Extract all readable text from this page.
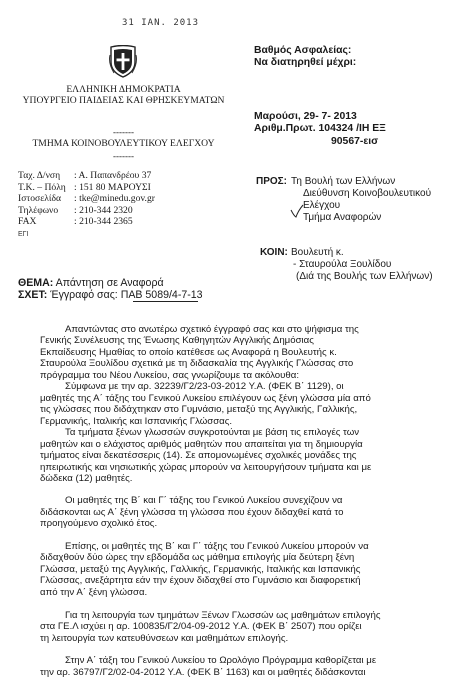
31 ΙΑΝ. 2013
ΕΛΛΗΝΙΚΗ ΔΗΜΟΚΡΑΤΙΑ
ΥΠΟΥΡΓΕΙΟ ΠΑΙΔΕΙΑΣ ΚΑΙ ΘΡΗΣΚΕΥΜΑΤΩΝ
-------
ΤΜΗΜΑ ΚΟΙΝΟΒΟΥΛΕΥΤΙΚΟΥ ΕΛΕΓΧΟΥ
-------
Ταχ. Δ/νση : Α. Παπανδρέου 37
Τ.Κ. – Πόλη : 151 80 ΜΑΡΟΥΣΙ
Ιστοσελίδα : tke@minedu.gov.gr
Τηλέφωνο : 210-344 2320
FAX	: 210-344 2365
ΕΓΙ
Βαθμός Ασφαλείας:
Να διατηρηθεί μέχρι:
Μαρούσι, 29- 7- 2013
Αριθμ.Πρωτ. 104324 /ΙΗ ΕΞ
90567-εισ
ΠΡΟΣ: Τη Βουλή των Ελλήνων
Διεύθυνση Κοινοβουλευτικού
Ελέγχου
Τμήμα Αναφορών
ΚΟΙΝ: Βουλευτή κ.
- Σταυρούλα Ξουλίδου
(Διά της Βουλής των Ελλήνων)
ΘΕΜΑ: Απάντηση σε Αναφορά
ΣΧΕΤ: Έγγραφό σας: ΠΑΒ 5089/4-7-13
Απαντώντας στο ανωτέρω σχετικό έγγραφό σας και στο ψήφισμα της
Γενικής Συνέλευσης της Ένωσης Καθηγητών Αγγλικής Δημόσιας
Εκπαίδευσης Ημαθίας το οποίο κατέθεσε ως Αναφορά η Βουλευτής κ.
Σταυρούλα Ξουλίδου σχετικά με τη διδασκαλία της Αγγλικής Γλώσσας στο
πρόγραμμα του Νέου Λυκείου, σας γνωρίζουμε τα ακόλουθα:
Σύμφωνα με την αρ. 32239/Γ2/23-03-2012 Υ.Α. (ΦΕΚ Β΄ 1129), οι
μαθητές της Α΄ τάξης του Γενικού Λυκείου επιλέγουν ως ξένη γλώσσα μία από
τις γλώσσες που διδάχτηκαν στο Γυμνάσιο, μεταξύ της Αγγλικής, Γαλλικής,
Γερμανικής, Ιταλικής και Ισπανικής Γλώσσας.
Τα τμήματα ξένων γλωσσών συγκροτούνται με βάση τις επιλογές των
μαθητών και ο ελάχιστος αριθμός μαθητών που απαιτείται για τη δημιουργία
τμήματος είναι δεκατέσσερις (14). Σε απομονωμένες σχολικές μονάδες της
ηπειρωτικής και νησιωτικής χώρας μπορούν να λειτουργήσουν τμήματα και με
δώδεκα (12) μαθητές.
Οι μαθητές της Β΄ και Γ΄ τάξης του Γενικού Λυκείου συνεχίζουν να
διδάσκονται ως Α΄ ξένη γλώσσα τη γλώσσα που έχουν διδαχθεί κατά το
προηγούμενο σχολικό έτος.
Επίσης, οι μαθητές της Β΄ και Γ΄ τάξης του Γενικού Λυκείου μπορούν να
διδαχθούν δύο ώρες την εβδομάδα ως μάθημα επιλογής μία δεύτερη ξένη
Γλώσσα, μεταξύ της Αγγλικής, Γαλλικής, Γερμανικής, Ιταλικής και Ισπανικής
Γλώσσας, ανεξάρτητα εάν την έχουν διδαχθεί στο Γυμνάσιο και διαφορετική
από την Α΄ ξένη γλώσσα.
Για τη λειτουργία των τμημάτων Ξένων Γλωσσών ως μαθημάτων επιλογής
στα ΓΕ.Λ ισχύει η αρ. 100835/Γ2/04-09-2012 Υ.Α. (ΦΕΚ Β΄ 2507) που ορίζει
τη λειτουργία των κατευθύνσεων και μαθημάτων επιλογής.
Στην Α΄ τάξη του Γενικού Λυκείου το Ωρολόγιο Πρόγραμμα καθορίζεται με
την αρ. 36797/Γ2/02-04-2012 Υ.Α. (ΦΕΚ Β΄ 1163) και οι μαθητές διδάσκονται
